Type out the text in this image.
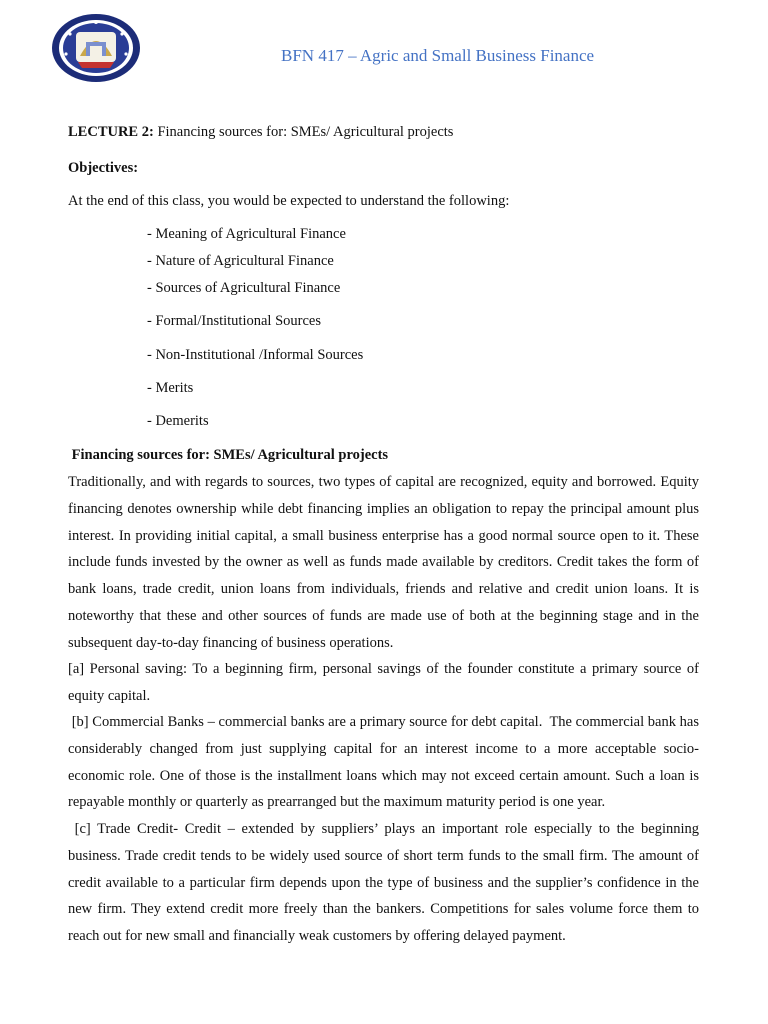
BFN 417 – Agric and Small Business Finance
LECTURE 2: Financing sources for: SMEs/ Agricultural projects
Objectives:
At the end of this class, you would be expected to understand the following:
- Meaning of Agricultural Finance
- Nature of Agricultural Finance
- Sources of Agricultural Finance
- Formal/Institutional Sources
- Non-Institutional /Informal Sources
- Merits
- Demerits
Financing sources for: SMEs/ Agricultural projects

Traditionally, and with regards to sources, two types of capital are recognized, equity and borrowed. Equity financing denotes ownership while debt financing implies an obligation to repay the principal amount plus interest. In providing initial capital, a small business enterprise has a good normal source open to it. These include funds invested by the owner as well as funds made available by creditors. Credit takes the form of bank loans, trade credit, union loans from individuals, friends and relative and credit union loans. It is noteworthy that these and other sources of funds are made use of both at the beginning stage and in the subsequent day-to-day financing of business operations.

[a] Personal saving: To a beginning firm, personal savings of the founder constitute a primary source of equity capital.

[b] Commercial Banks – commercial banks are a primary source for debt capital.  The commercial bank has considerably changed from just supplying capital for an interest income to a more acceptable socio-economic role. One of those is the installment loans which may not exceed certain amount. Such a loan is repayable monthly or quarterly as prearranged but the maximum maturity period is one year.

[c] Trade Credit- Credit – extended by suppliers’ plays an important role especially to the beginning business. Trade credit tends to be widely used source of short term funds to the small firm. The amount of credit available to a particular firm depends upon the type of business and the supplier’s confidence in the new firm. They extend credit more freely than the bankers. Competitions for sales volume force them to reach out for new small and financially weak customers by offering delayed payment.
